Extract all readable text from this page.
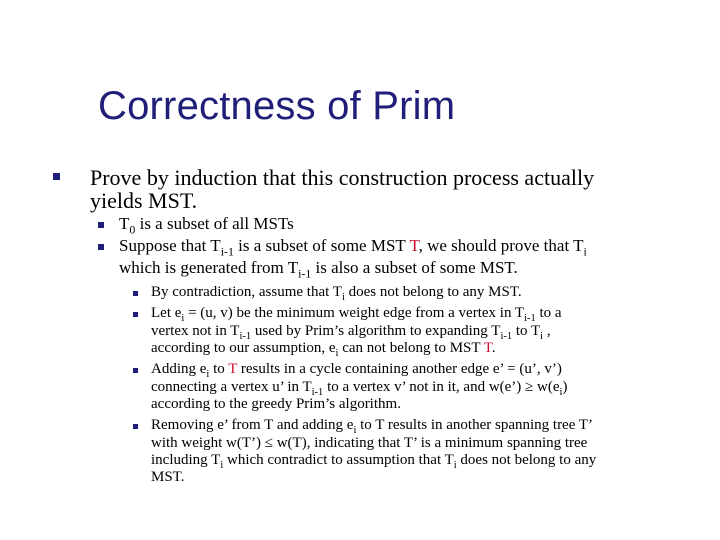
Correctness of Prim
Prove by induction that this construction process actually
yields MST.
$T_0$ is a subset of all MSTs
Suppose that $T_{i-1}$ is a subset of some MST T, we should prove that $T_i$
which is generated from $T_{i-1}$ is also a subset of some MST.
By contradiction, assume that $T_i$ does not belong to any MST.
Let $e_i = (u$, v) be the minimum weight edge from a vertex in $T_{i-1}$ to a
vertex not in $T_{i-1}$ used by Prim’s algorithm to expanding $T_{i-1}$ to $T_i$ ,
according to our assumption, $e_i$ can not belong to MST T.
Adding $e_i$ to T results in a cycle containing another edge e’ = (u’, v’)
connecting a vertex u’ in $T_{i-1}$ to a vertex v’ not in it, and w(e’) ≥ $w(e_i)$
according to the greedy Prim’s algorithm.
Removing e’ from T and adding $e_i$ to T results in another spanning tree T’
with weight w(T’) ≤ w(T), indicating that T’ is a minimum spanning tree
including $T_i$ which contradict to assumption that $T_i$ does not belong to any
MST.
